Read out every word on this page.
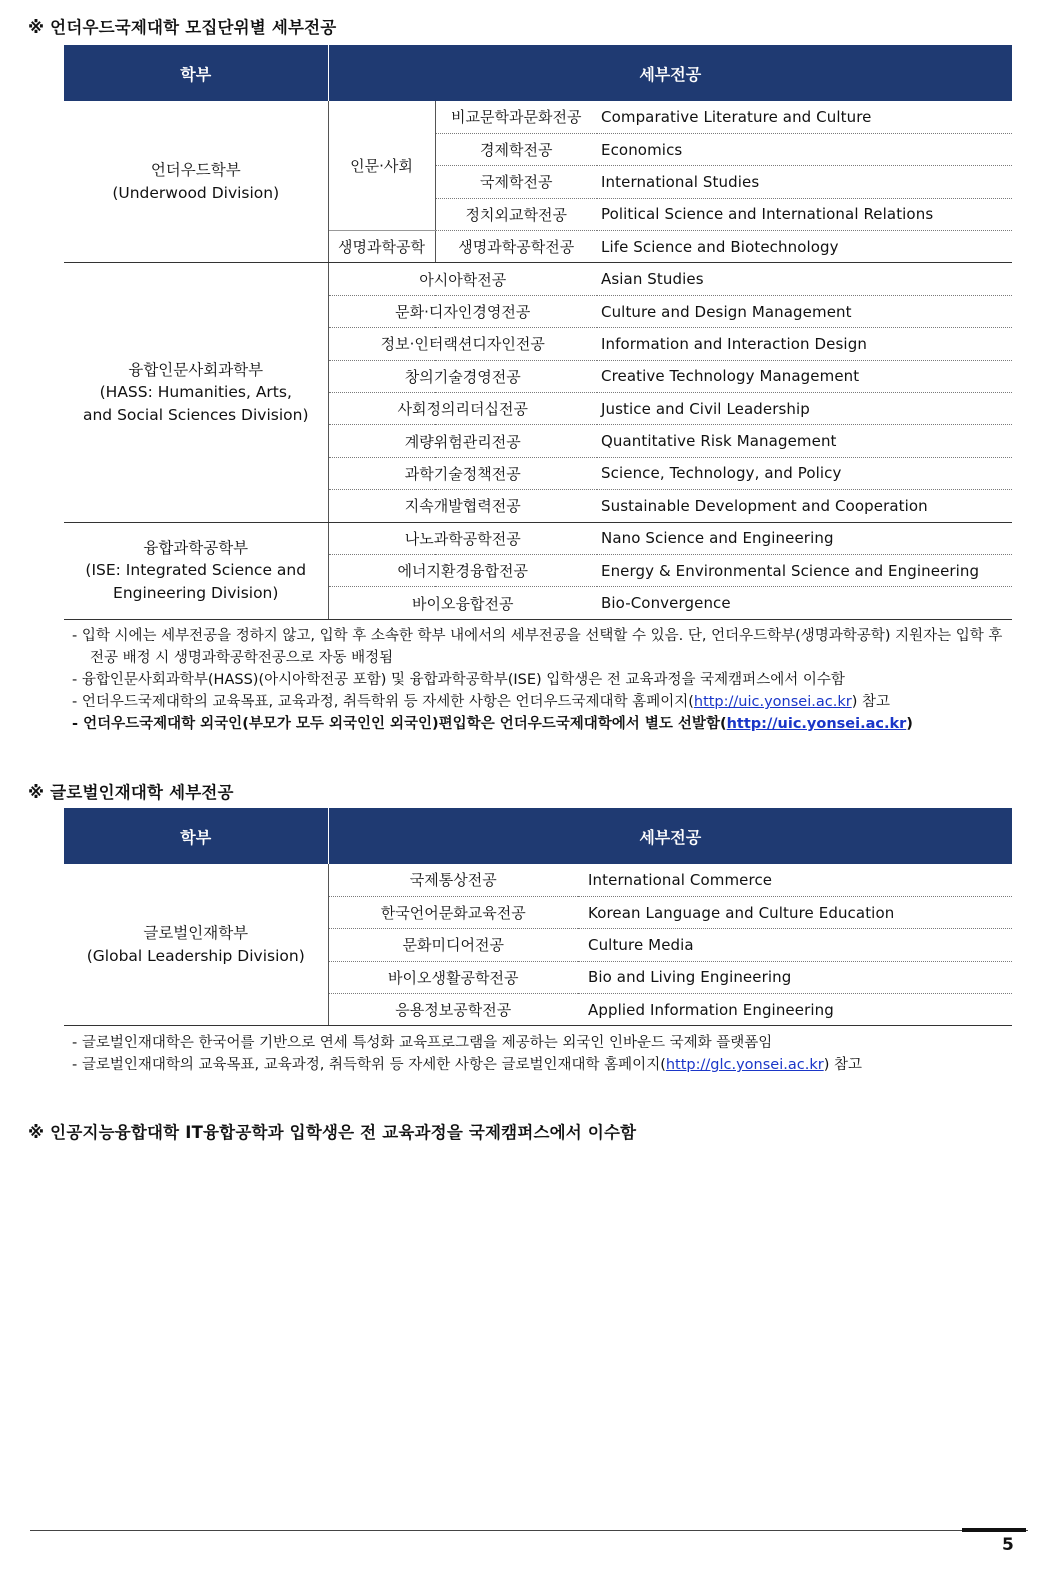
※ 언더우드국제대학 모집단위별 세부전공
학부	세부전공		

언더우드학부
(Underwood Division)	인문·사회	비교문학과문화전공	Comparative Literature and Culture
		경제학전공	Economics
		국제학전공	International Studies
		정치외교학전공	Political Science and International Relations
	생명과학공학	생명과학공학전공	Life Science and Biotechnology

융합인문사회과학부
(HASS: Humanities, Arts,
and Social Sciences Division)	아시아학전공		Asian Studies
	문화·디자인경영전공		Culture and Design Management
	정보·인터랙션디자인전공		Information and Interaction Design
	창의기술경영전공		Creative Technology Management
	사회정의리더십전공		Justice and Civil Leadership
	계량위험관리전공		Quantitative Risk Management
	과학기술정책전공		Science, Technology, and Policy
	지속개발협력전공		Sustainable Development and Cooperation

융합과학공학부
(ISE: Integrated Science and
Engineering Division)	나노과학공학전공		Nano Science and Engineering
	에너지환경융합전공		Energy & Environmental Science and Engineering
	바이오융합전공		Bio-Convergence
- 입학 시에는 세부전공을 정하지 않고, 입학 후 소속한 학부 내에서의 세부전공을 선택할 수 있음. 단, 언더우드학부(생명과학공학) 지원자는 입학 후 전공 배정 시 생명과학공학전공으로 자동 배정됨
- 융합인문사회과학부(HASS)(아시아학전공 포함) 및 융합과학공학부(ISE) 입학생은 전 교육과정을 국제캠퍼스에서 이수함
- 언더우드국제대학의 교육목표, 교육과정, 취득학위 등 자세한 사항은 언더우드국제대학 홈페이지(http://uic.yonsei.ac.kr) 참고
- 언더우드국제대학 외국인(부모가 모두 외국인인 외국인)편입학은 언더우드국제대학에서 별도 선발함(http://uic.yonsei.ac.kr)
※ 글로벌인재대학 세부전공
학부	세부전공	

글로벌인재학부
(Global Leadership Division)	국제통상전공	International Commerce
	한국언어문화교육전공	Korean Language and Culture Education
	문화미디어전공	Culture Media
	바이오생활공학전공	Bio and Living Engineering
	응용정보공학전공	Applied Information Engineering
- 글로벌인재대학은 한국어를 기반으로 연세 특성화 교육프로그램을 제공하는 외국인 인바운드 국제화 플랫폼임
- 글로벌인재대학의 교육목표, 교육과정, 취득학위 등 자세한 사항은 글로벌인재대학 홈페이지(http://glc.yonsei.ac.kr) 참고
※ 인공지능융합대학 IT융합공학과 입학생은 전 교육과정을 국제캠퍼스에서 이수함
5
